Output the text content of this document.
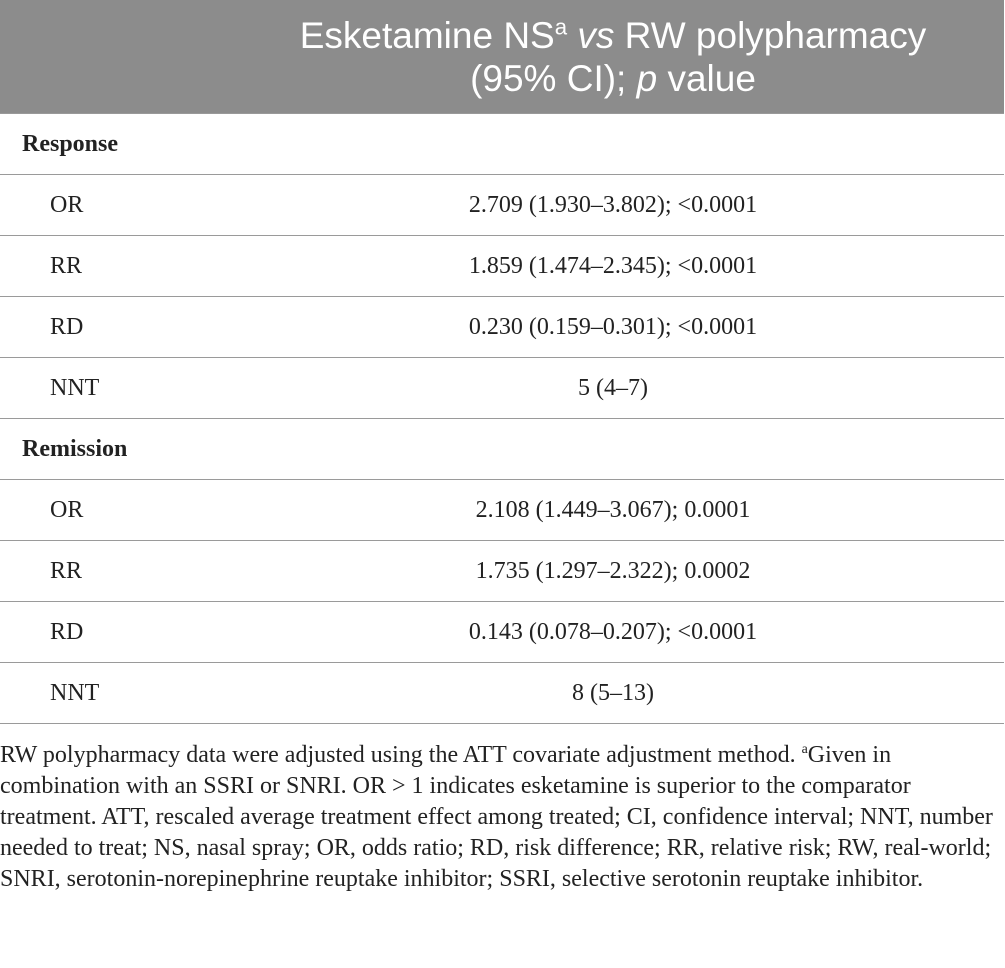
	Esketamine NS$^a$ vs RW polypharmacy
(95% CI); p value
Response	
OR	2.709 (1.930–3.802); <0.0001
RR	1.859 (1.474–2.345); <0.0001
RD	0.230 (0.159–0.301); <0.0001
NNT	5 (4–7)
Remission	
OR	2.108 (1.449–3.067); 0.0001
RR	1.735 (1.297–2.322); 0.0002
RD	0.143 (0.078–0.207); <0.0001
NNT	8 (5–13)

RW polypharmacy data were adjusted using the ATT covariate adjustment method. $^a$Given in combination with an SSRI or SNRI. OR > 1 indicates esketamine is superior to the comparator treatment. ATT, rescaled average treatment effect among treated; CI, confidence interval; NNT, number needed to treat; NS, nasal spray; OR, odds ratio; RD, risk difference; RR, relative risk; RW, real-world; SNRI, serotonin-norepinephrine reuptake inhibitor; SSRI, selective serotonin reuptake inhibitor.
